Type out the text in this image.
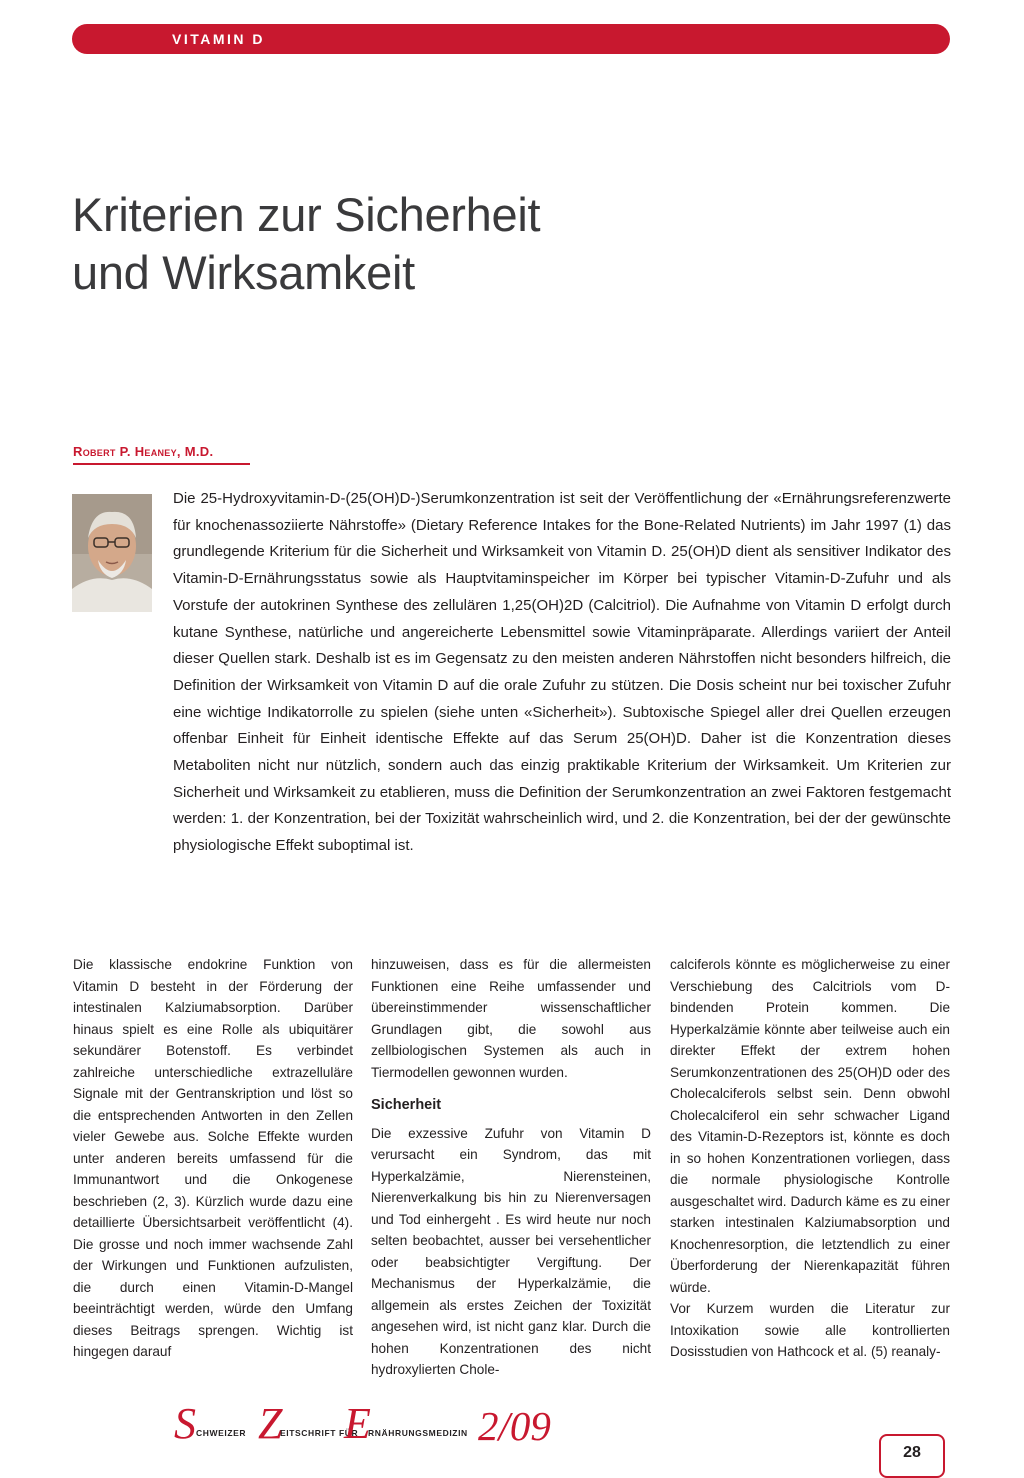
VITAMIN D
Kriterien zur Sicherheit
und Wirksamkeit
Robert P. Heaney, M.D.

Die 25-Hydroxyvitamin-D-(25(OH)D-)Serumkonzentration ist seit der Veröffentlichung der «Ernährungsreferenzwerte für knochenassoziierte Nährstoffe» (Dietary Reference Intakes for the Bone-Related Nutrients) im Jahr 1997 (1) das grundlegende Kriterium für die Sicherheit und Wirksamkeit von Vitamin D. 25(OH)D dient als sensitiver Indikator des Vitamin-D-Ernährungsstatus sowie als Hauptvitaminspeicher im Körper bei typischer Vitamin-D-Zufuhr und als Vorstufe der autokrinen Synthese des zellulären 1,25(OH)2D (Calcitriol). Die Aufnahme von Vitamin D erfolgt durch kutane Synthese, natürliche und angereicherte Lebensmittel sowie Vitaminpräparate. Allerdings variiert der Anteil dieser Quellen stark. Deshalb ist es im Gegensatz zu den meisten anderen Nährstoffen nicht besonders hilfreich, die Definition der Wirksamkeit von Vitamin D auf die orale Zufuhr zu stützen. Die Dosis scheint nur bei toxischer Zufuhr eine wichtige Indikatorrolle zu spielen (siehe unten «Sicherheit»). Subtoxische Spiegel aller drei Quellen erzeugen offenbar Einheit für Einheit identische Effekte auf das Serum 25(OH)D. Daher ist die Konzentration dieses Metaboliten nicht nur nützlich, sondern auch das einzig praktikable Kriterium der Wirksamkeit. Um Kriterien zur Sicherheit und Wirksamkeit zu etablieren, muss die Definition der Serumkonzentration an zwei Faktoren festgemacht werden: 1. der Konzentration, bei der Toxizität wahrscheinlich wird, und 2. die Konzentration, bei der der gewünschte physiologische Effekt suboptimal ist.

Die klassische endokrine Funktion von Vitamin D besteht in der Förderung der intestinalen Kalziumabsorption. Darüber hinaus spielt es eine Rolle als ubiquitärer sekundärer Botenstoff. Es verbindet zahlreiche unterschiedliche extrazelluläre Signale mit der Gentranskription und löst so die entsprechenden Antworten in den Zellen vieler Gewebe aus. Solche Effekte wurden unter anderen bereits umfassend für die Immunantwort und die Onkogenese beschrieben (2, 3). Kürzlich wurde dazu eine detaillierte Übersichtsarbeit veröffentlicht (4). Die grosse und noch immer wachsende Zahl der Wirkungen und Funktionen aufzulisten, die durch einen Vitamin-D-Mangel beeinträchtigt werden, würde den Umfang dieses Beitrags sprengen. Wichtig ist hingegen darauf

hinzuweisen, dass es für die allermeisten Funktionen eine Reihe umfassender und übereinstimmender wissenschaftlicher Grundlagen gibt, die sowohl aus zellbiologischen Systemen als auch in Tiermodellen gewonnen wurden.

Sicherheit

Die exzessive Zufuhr von Vitamin D verursacht ein Syndrom, das mit Hyperkalzämie, Nierensteinen, Nierenverkalkung bis hin zu Nierenversagen und Tod einhergeht . Es wird heute nur noch selten beobachtet, ausser bei versehentlicher oder beabsichtigter Vergiftung. Der Mechanismus der Hyperkalzämie, die allgemein als erstes Zeichen der Toxizität angesehen wird, ist nicht ganz klar. Durch die hohen Konzentrationen des nicht hydroxylierten Chole-

calciferols könnte es möglicherweise zu einer Verschiebung des Calcitriols vom D-bindenden Protein kommen. Die Hyperkalzämie könnte aber teilweise auch ein direkter Effekt der extrem hohen Serumkonzentrationen des 25(OH)D oder des Cholecalciferols selbst sein. Denn obwohl Cholecalciferol ein sehr schwacher Ligand des Vitamin-D-Rezeptors ist, könnte es doch in so hohen Konzentrationen vorliegen, dass die normale physiologische Kontrolle ausgeschaltet wird. Dadurch käme es zu einer starken intestinalen Kalziumabsorption und Knochenresorption, die letztendlich zu einer Überforderung der Nierenkapazität führen würde.

Vor Kurzem wurden die Literatur zur Intoxikation sowie alle kontrollierten Dosisstudien von Hathcock et al. (5) reanaly-

S CHWEIZER Z
EITSCHRIFT FÜR
E
RNÄHRUNGSMEDIZIN 2/09
28
